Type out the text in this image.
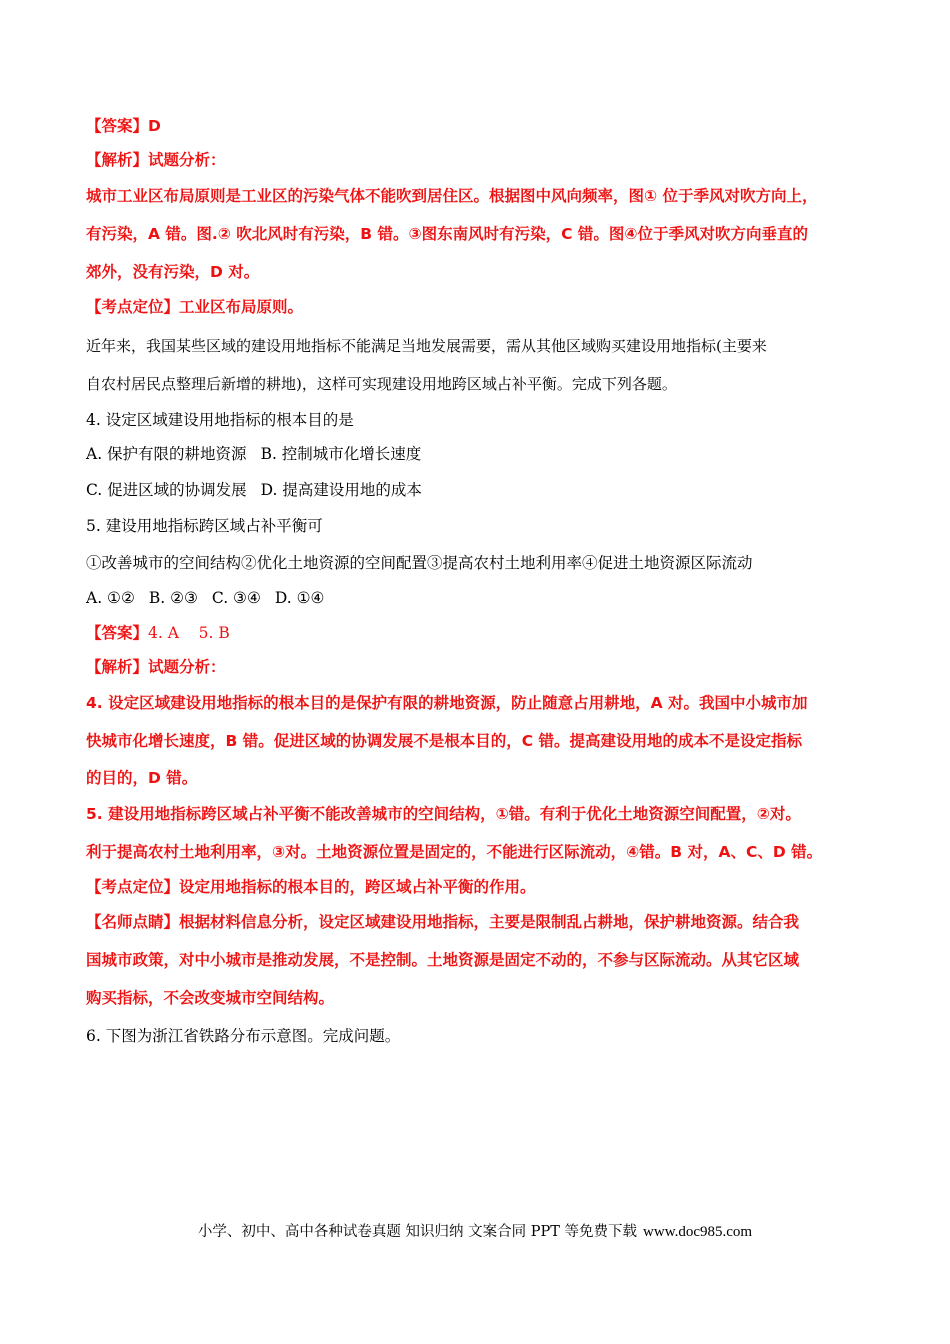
【答案】D
【解析】试题分析：
城市工业区布局原则是工业区的污染气体不能吹到居住区。根据图中风向频率，图① 位于季风对吹方向上，
有污染，A 错。图.② 吹北风时有污染，B 错。③图东南风时有污染，C 错。图④位于季风对吹方向垂直的
郊外，没有污染，D 对。
【考点定位】工业区布局原则。
近年来，我国某些区域的建设用地指标不能满足当地发展需要，需从其他区域购买建设用地指标(主要来
自农村居民点整理后新增的耕地)，这样可实现建设用地跨区域占补平衡。完成下列各题。
4. 设定区域建设用地指标的根本目的是
A. 保护有限的耕地资源 B. 控制城市化增长速度
C. 促进区域的协调发展 D. 提高建设用地的成本
5. 建设用地指标跨区域占补平衡可
①改善城市的空间结构②优化土地资源的空间配置③提高农村土地利用率④促进土地资源区际流动
A. ①② B. ②③ C. ③④ D. ①④
【答案】4. A    5. B
【解析】试题分析：
4. 设定区域建设用地指标的根本目的是保护有限的耕地资源，防止随意占用耕地，A 对。我国中小城市加
快城市化增长速度，B 错。促进区域的协调发展不是根本目的，C 错。提高建设用地的成本不是设定指标
的目的，D 错。
5. 建设用地指标跨区域占补平衡不能改善城市的空间结构，①错。有利于优化土地资源空间配置，②对。
利于提高农村土地利用率，③对。土地资源位置是固定的，不能进行区际流动，④错。B 对，A、C、D 错。
【考点定位】设定用地指标的根本目的，跨区域占补平衡的作用。
【名师点睛】根据材料信息分析，设定区域建设用地指标，主要是限制乱占耕地，保护耕地资源。结合我
国城市政策，对中小城市是推动发展，不是控制。土地资源是固定不动的，不参与区际流动。从其它区域
购买指标，不会改变城市空间结构。
6. 下图为浙江省铁路分布示意图。完成问题。
小学、初中、高中各种试卷真题 知识归纳 文案合同 PPT 等免费下载 www.doc985.com
